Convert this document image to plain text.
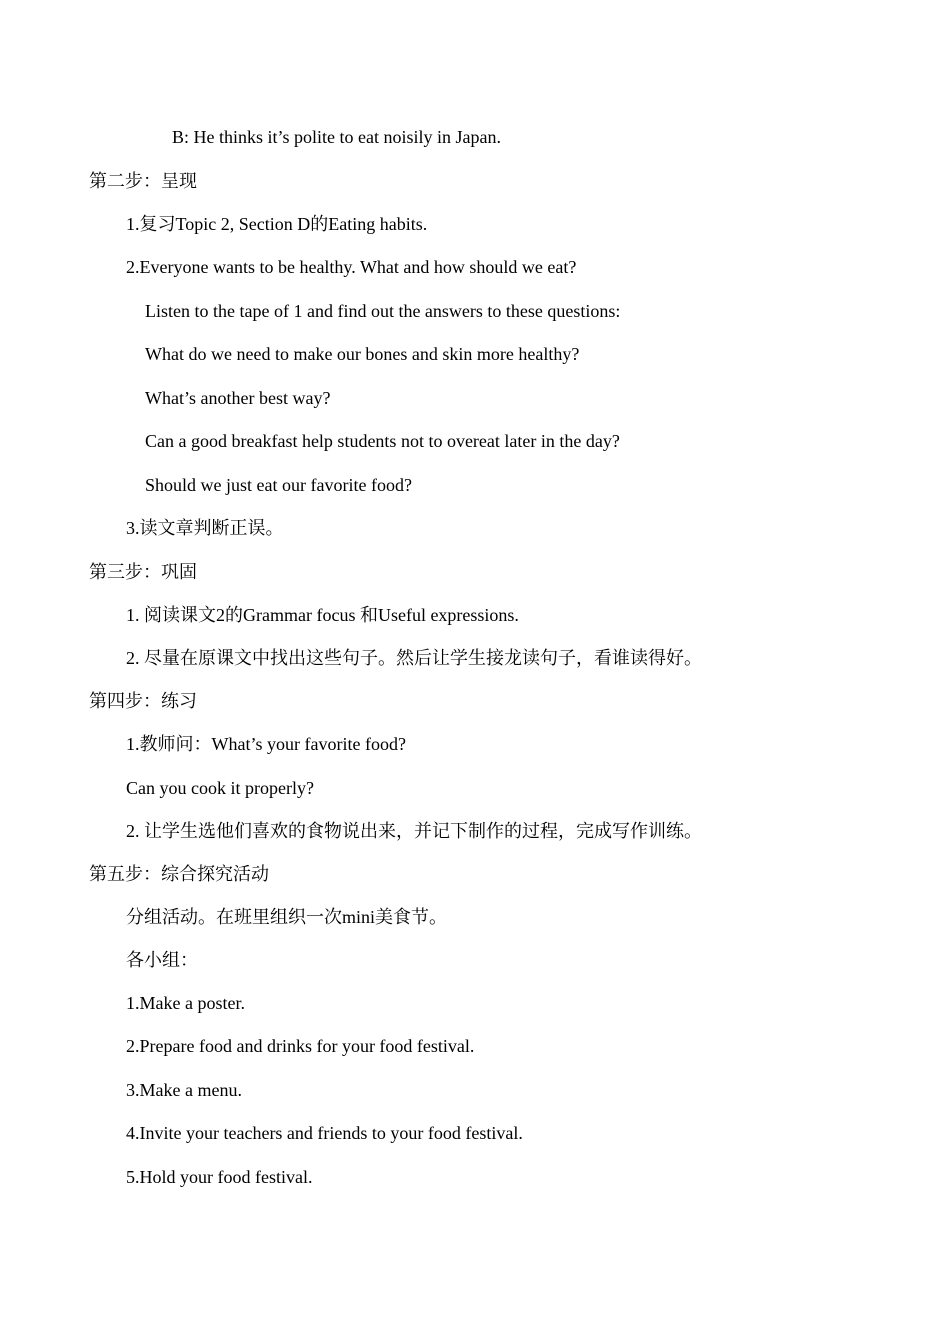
B: He thinks it’s polite to eat noisily in Japan.
第二步：呈现
1.复习Topic 2, Section D的Eating habits.
2.Everyone wants to be healthy. What and how should we eat?
Listen to the tape of 1 and find out the answers to these questions:
What do we need to make our bones and skin more healthy?
What’s another best way?
Can a good breakfast help students not to overeat later in the day?
Should we just eat our favorite food?
3.读文章判断正误。
第三步：巩固
1. 阅读课文2的Grammar focus 和Useful expressions.
2. 尽量在原课文中找出这些句子。然后让学生接龙读句子，看谁读得好。
第四步：练习
1.教师问：What’s your favorite food?
Can you cook it properly?
2. 让学生选他们喜欢的食物说出来，并记下制作的过程，完成写作训练。
第五步：综合探究活动
分组活动。在班里组织一次mini美食节。
各小组：
1.Make a poster.
2.Prepare food and drinks for your food festival.
3.Make a menu.
4.Invite your teachers and friends to your food festival.
5.Hold your food festival.
